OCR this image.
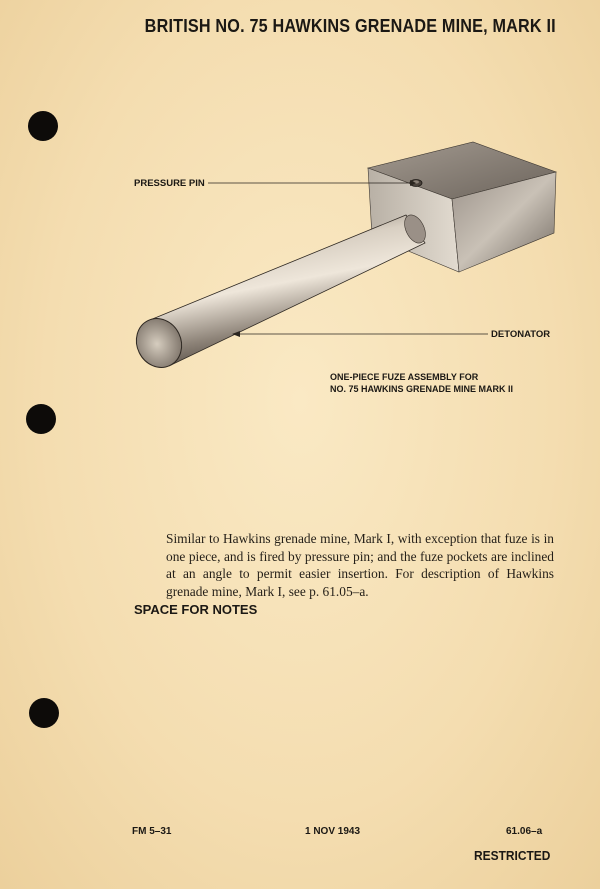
BRITISH NO. 75 HAWKINS GRENADE MINE, MARK II
PRESSURE PIN
DETONATOR
ONE-PIECE FUZE ASSEMBLY FOR
NO. 75 HAWKINS GRENADE MINE MARK II
Similar to Hawkins grenade mine, Mark I, with exception that fuze is in one piece, and is fired by pressure pin; and the fuze pockets are inclined at an angle to permit easier insertion. For description of Hawkins grenade mine, Mark I, see p. 61.05–a.
SPACE FOR NOTES
FM 5–31	1 NOV 1943	61.06–a
RESTRICTED
